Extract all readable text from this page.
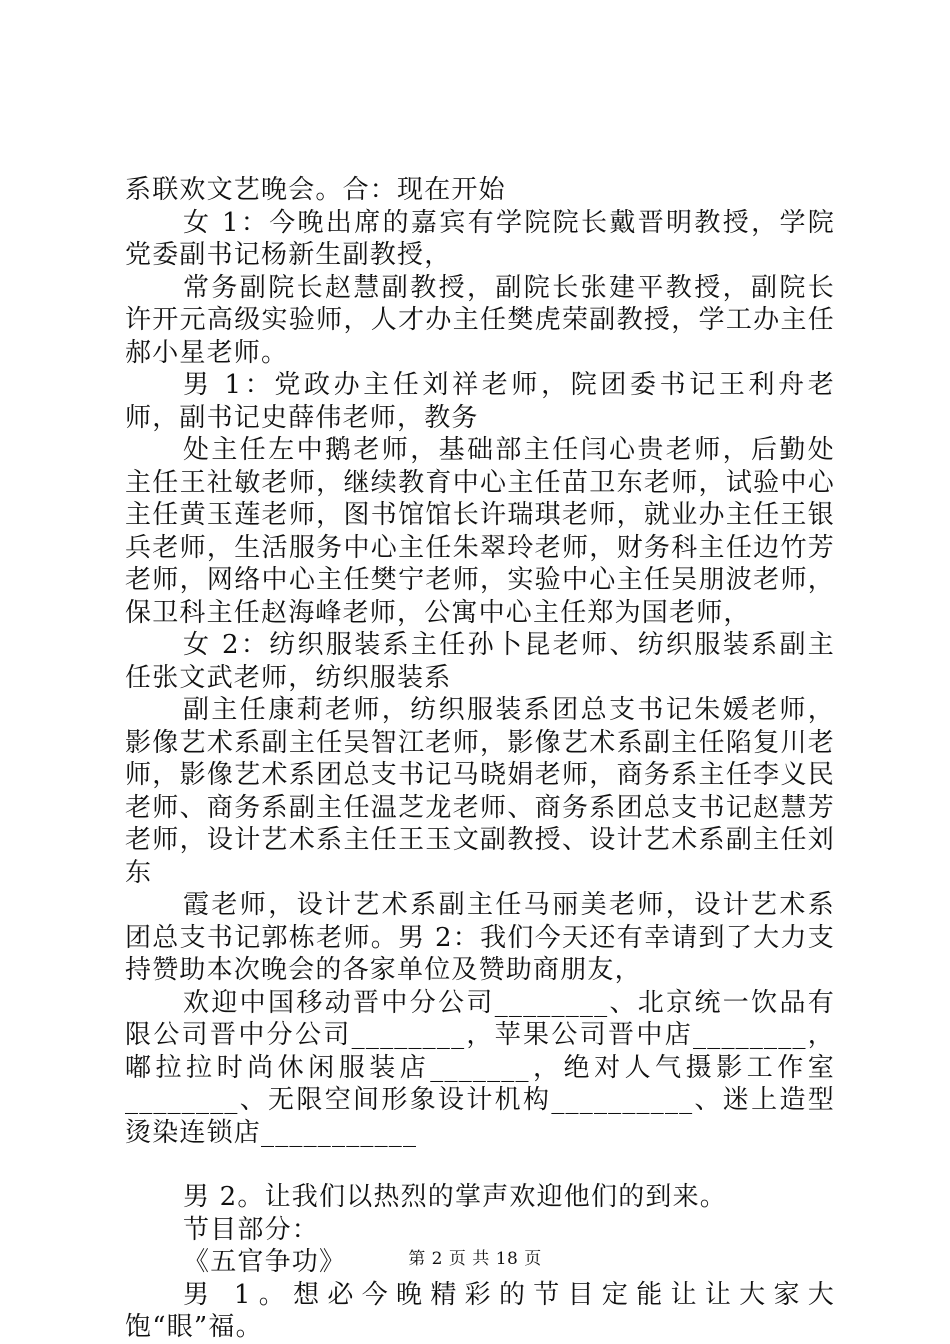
系联欢文艺晚会。合：现在开始

女 1：今晚出席的嘉宾有学院院长戴晋明教授，学院党委副书记杨新生副教授，

常务副院长赵慧副教授，副院长张建平教授，副院长许开元高级实验师，人才办主任樊虎荣副教授，学工办主任郝小星老师。

男 1：党政办主任刘祥老师，院团委书记王利舟老师，副书记史薛伟老师，教务

处主任左中鹅老师，基础部主任闫心贵老师，后勤处主任王社敏老师，继续教育中心主任苗卫东老师，试验中心主任黄玉莲老师，图书馆馆长许瑞琪老师，就业办主任王银兵老师，生活服务中心主任朱翠玲老师，财务科主任边竹芳老师，网络中心主任樊宁老师，实验中心主任吴朋波老师，保卫科主任赵海峰老师，公寓中心主任郑为国老师，

女 2：纺织服装系主任孙卜昆老师、纺织服装系副主任张文武老师，纺织服装系

副主任康莉老师，纺织服装系团总支书记朱媛老师，影像艺术系副主任吴智江老师，影像艺术系副主任陷复川老师，影像艺术系团总支书记马晓娟老师，商务系主任李义民老师、商务系副主任温芝龙老师、商务系团总支书记赵慧芳老师，设计艺术系主任王玉文副教授、设计艺术系副主任刘东

霞老师，设计艺术系副主任马丽美老师，设计艺术系团总支书记郭栋老师。男 2：我们今天还有幸请到了大力支持赞助本次晚会的各家单位及赞助商朋友，

欢迎中国移动晋中分公司________、北京统一饮品有限公司晋中分公司________，苹果公司晋中店________，嘟拉拉时尚休闲服装店_______，绝对人气摄影工作室________、无限空间形象设计机构__________、迷上造型烫染连锁店___________

男 2。让我们以热烈的掌声欢迎他们的到来。

节目部分：

《五官争功》

男 1。想必今晚精彩的节目定能让让大家大饱“眼”福。

第 2 页 共 18 页
